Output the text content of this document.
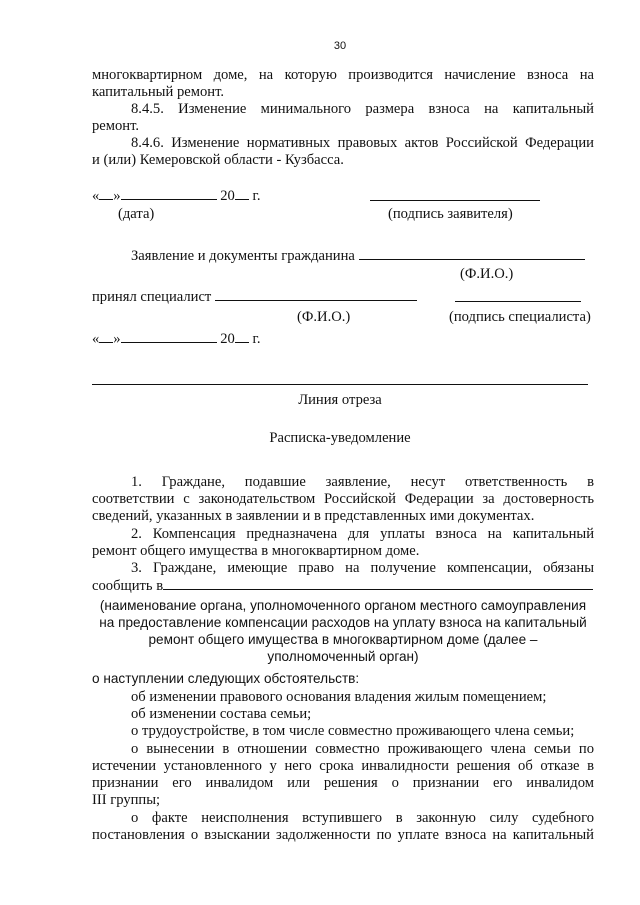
30
многоквартирном доме, на которую производится начисление взноса на
капитальный ремонт.
8.4.5. Изменение минимального размера взноса на капитальный
ремонт.
8.4.6. Изменение нормативных правовых актов Российской Федерации
и (или) Кемеровской области - Кузбасса.
« »	20 г.
(дата)	(подпись заявителя)
Заявление и документы гражданина
(Ф.И.О.)
принял специалист
(Ф.И.О.)	(подпись специалиста)
« »	20 г.
Линия отреза
Расписка-уведомление
1. Граждане, подавшие заявление, несут ответственность в
соответствии с законодательством Российской Федерации за достоверность
сведений, указанных в заявлении и в представленных ими документах.
2. Компенсация предназначена для уплаты взноса на капитальный
ремонт общего имущества в многоквартирном доме.
3. Граждане, имеющие право на получение компенсации, обязаны
сообщить в
(наименование органа, уполномоченного органом местного самоуправления
на предоставление компенсации расходов на уплату взноса на капитальный
ремонт общего имущества в многоквартирном доме (далее –
уполномоченный орган)
о наступлении следующих обстоятельств:
об изменении правового основания владения жилым помещением;
об изменении состава семьи;
о трудоустройстве, в том числе совместно проживающего члена семьи;
о вынесении в отношении совместно проживающего члена семьи по
истечении установленного у него срока инвалидности решения об отказе в
признании его инвалидом или решения о признании его инвалидом
III группы;
о факте неисполнения вступившего в законную силу судебного
постановления о взыскании задолженности по уплате взноса на капитальный
